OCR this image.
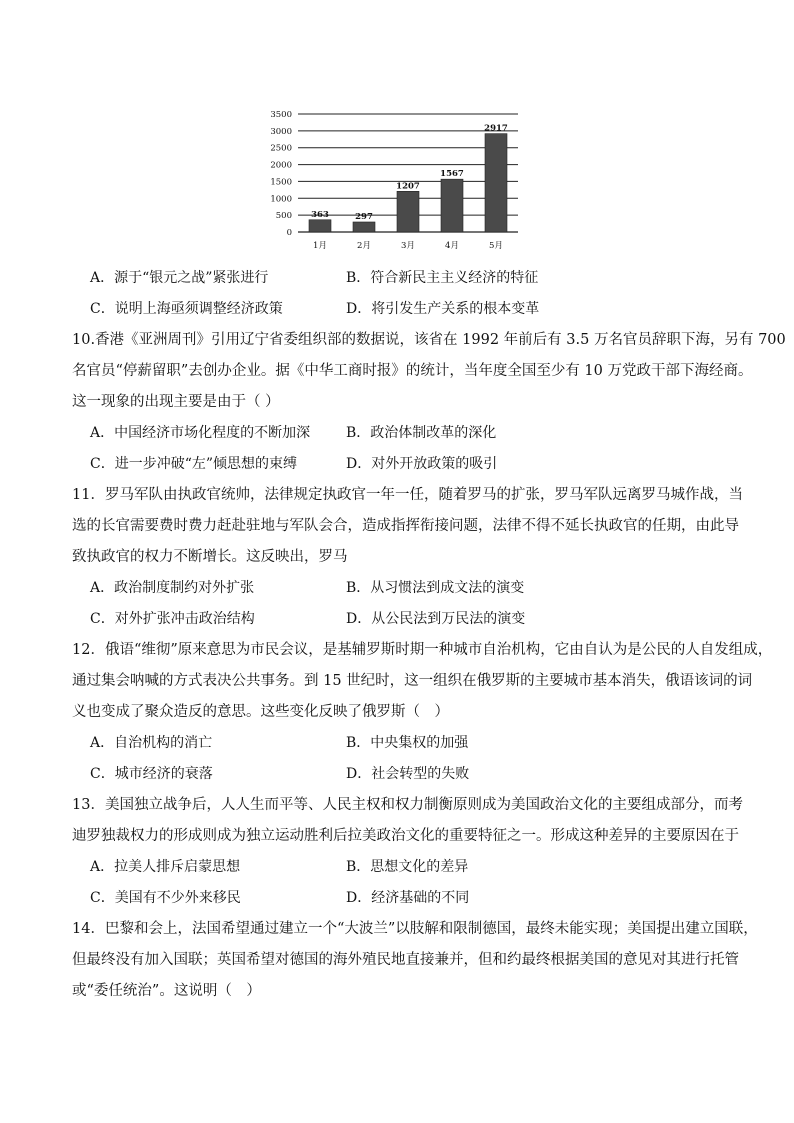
0
500
1000
1500
2000
2500
3000
3500
363
1月
297
2月
1207
3月
1567
4月
2917
5月
A．源于“银元之战”紧张进行	B．符合新民主主义经济的特征
C．说明上海亟须调整经济政策	D．将引发生产关系的根本变革
10.香港《亚洲周刊》引用辽宁省委组织部的数据说，该省在 1992 年前后有 3.5 万名官员辞职下海，另有 700
名官员“停薪留职”去创办企业。据《中华工商时报》的统计，当年度全国至少有 10 万党政干部下海经商。
这一现象的出现主要是由于（ ）
A．中国经济市场化程度的不断加深	B．政治体制改革的深化
C．进一步冲破“左”倾思想的束缚	D．对外开放政策的吸引
11．罗马军队由执政官统帅，法律规定执政官一年一任，随着罗马的扩张，罗马军队远离罗马城作战，当
选的长官需要费时费力赶赴驻地与军队会合，造成指挥衔接问题，法律不得不延长执政官的任期，由此导
致执政官的权力不断增长。这反映出，罗马
A．政治制度制约对外扩张	B．从习惯法到成文法的演变
C．对外扩张冲击政治结构	D．从公民法到万民法的演变
12．俄语“维彻”原来意思为市民会议，是基辅罗斯时期一种城市自治机构，它由自认为是公民的人自发组成，
通过集会呐喊的方式表决公共事务。到 15 世纪时，这一组织在俄罗斯的主要城市基本消失，俄语该词的词
义也变成了聚众造反的意思。这些变化反映了俄罗斯（　）
A．自治机构的消亡	B．中央集权的加强
C．城市经济的衰落	D．社会转型的失败
13．美国独立战争后，人人生而平等、人民主权和权力制衡原则成为美国政治文化的主要组成部分，而考
迪罗独裁权力的形成则成为独立运动胜利后拉美政治文化的重要特征之一。形成这种差异的主要原因在于
A．拉美人排斥启蒙思想	B．思想文化的差异
C．美国有不少外来移民	D．经济基础的不同
14．巴黎和会上，法国希望通过建立一个“大波兰”以肢解和限制德国，最终未能实现；美国提出建立国联，
但最终没有加入国联；英国希望对德国的海外殖民地直接兼并，但和约最终根据美国的意见对其进行托管
或“委任统治”。这说明（　）
